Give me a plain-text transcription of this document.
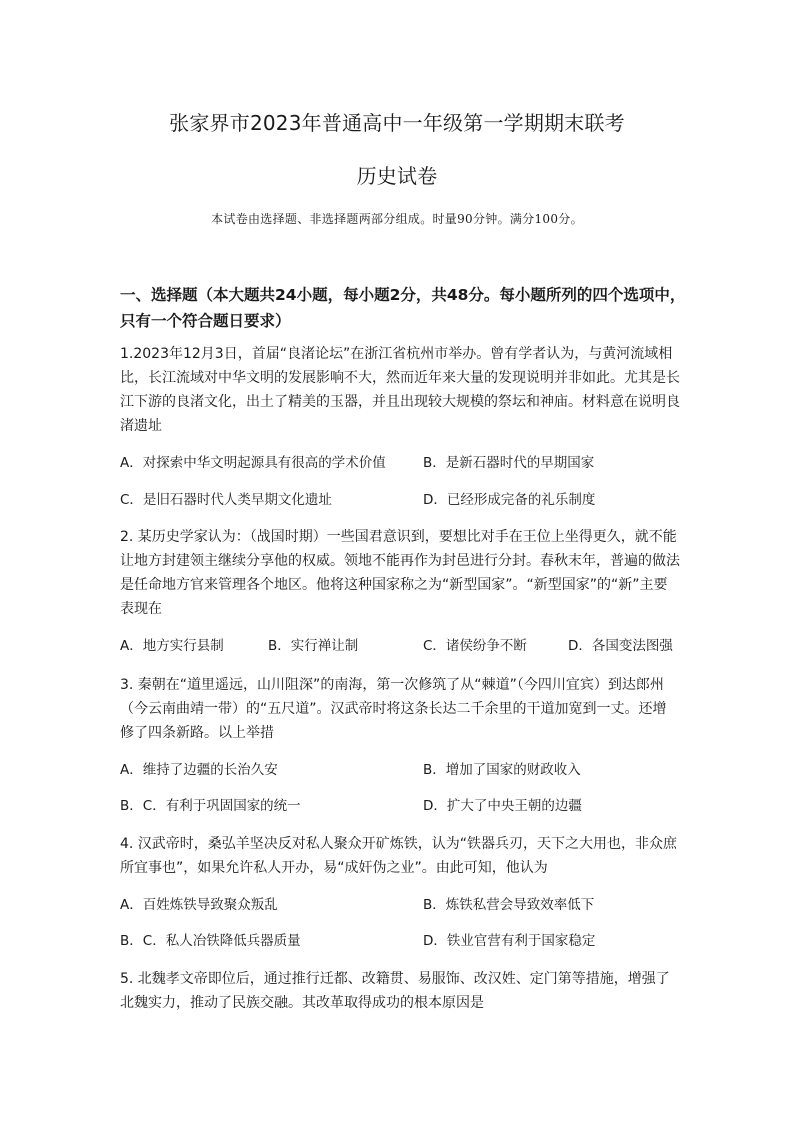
张家界市2023年普通高中一年级第一学期期末联考
历史试卷
本试卷由选择题、非选择题两部分组成。时量90分钟。满分100分。

一、选择题（本大题共24小题，每小题2分，共48分。每小题所列的四个选项中，只有一个符合题日要求）

1.2023年12月3日，首届“良渚论坛”在浙江省杭州市举办。曾有学者认为，与黄河流域相比，长江流域对中华文明的发展影响不大，然而近年来大量的发现说明并非如此。尤其是长江下游的良渚文化，出土了精美的玉器，并且出现较大规模的祭坛和神庙。材料意在说明良渚遗址

A．对探索中华文明起源具有很高的学术价值	B．是新石器时代的早期国家
C．是旧石器时代人类早期文化遗址	D．已经形成完备的礼乐制度

2. 某历史学家认为：（战国时期）一些国君意识到，要想比对手在王位上坐得更久，就不能让地方封建领主继续分享他的权威。领地不能再作为封邑进行分封。春秋末年，普遍的做法是任命地方官来管理各个地区。他将这种国家称之为“新型国家”。“新型国家”的“新”主要表现在

A．地方实行县制	B．实行禅让制	C．诸侯纷争不断	D．各国变法图强

3. 秦朝在“道里遥远，山川阻深”的南海，第一次修筑了从“棘道”（今四川宜宾）到达郎州（今云南曲靖一带）的“五尺道”。汉武帝时将这条长达二千余里的干道加宽到一丈。还增修了四条新路。以上举措

A．维持了边疆的长治久安	B．增加了国家的财政收入
B．C．有利于巩固国家的统一	D．扩大了中央王朝的边疆

4. 汉武帝时，桑弘羊坚决反对私人聚众开矿炼铁，认为“铁器兵刃，天下之大用也，非众庶所宜事也”，如果允许私人开办，易“成奸伪之业”。由此可知，他认为

A．百姓炼铁导致聚众叛乱	B．炼铁私营会导致效率低下
B．C．私人冶铁降低兵器质量	D．铁业官营有利于国家稳定

5. 北魏孝文帝即位后，通过推行迁都、改籍贯、易服饰、改汉姓、定门第等措施，增强了北魏实力，推动了民族交融。其改革取得成功的根本原因是
